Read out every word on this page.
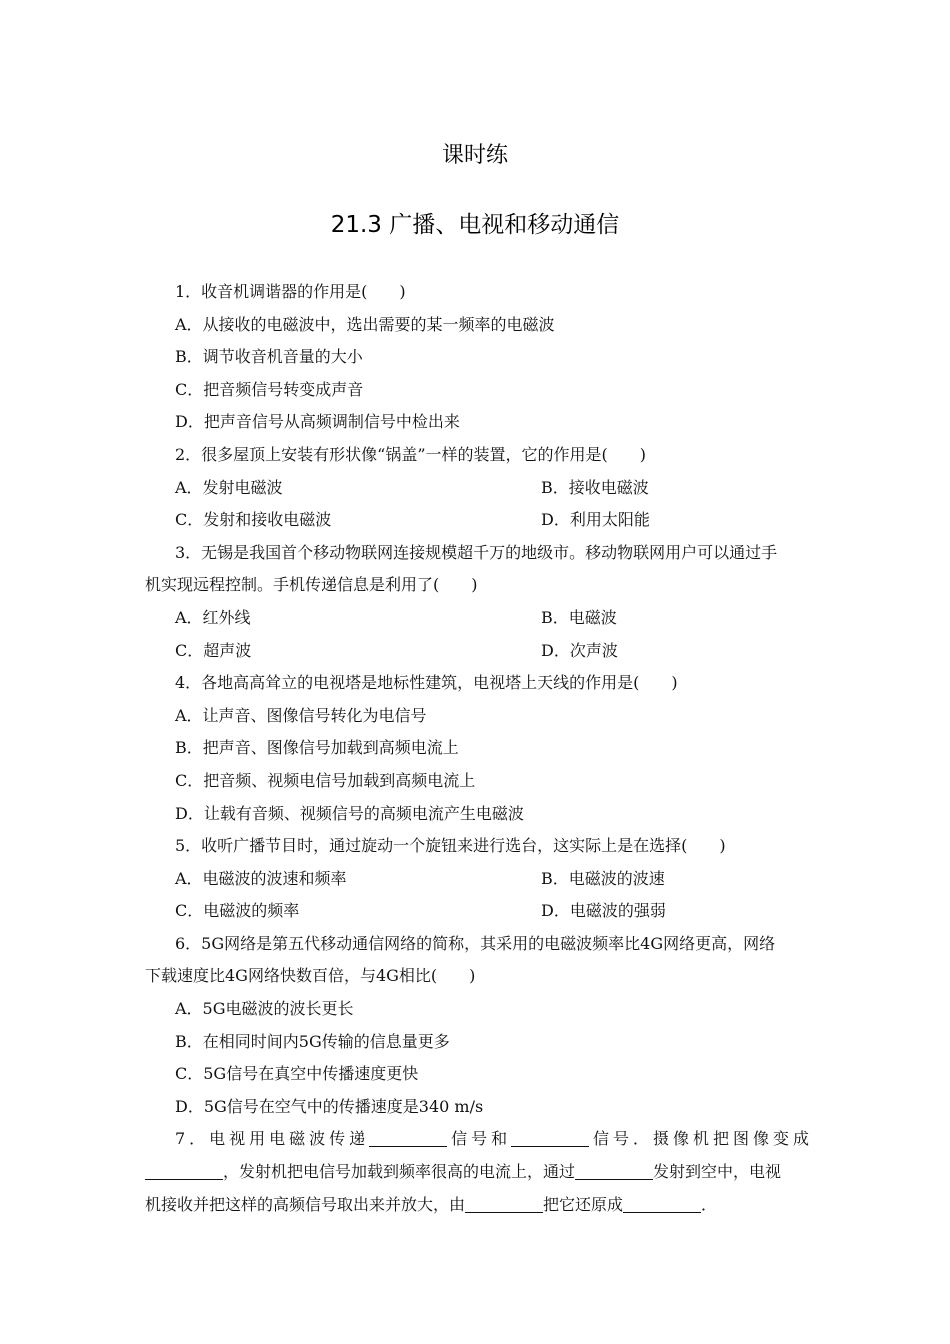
课时练
21.3 广播、电视和移动通信
1．收音机调谐器的作用是(　　)
A．从接收的电磁波中，选出需要的某一频率的电磁波
B．调节收音机音量的大小
C．把音频信号转变成声音
D．把声音信号从高频调制信号中检出来
2．很多屋顶上安装有形状像“锅盖”一样的装置，它的作用是(　　)
A．发射电磁波	B．接收电磁波
C．发射和接收电磁波	D．利用太阳能
3．无锡是我国首个移动物联网连接规模超千万的地级市。移动物联网用户可以通过手
机实现远程控制。手机传递信息是利用了(　　)
A．红外线	B．电磁波
C．超声波	D．次声波
4．各地高高耸立的电视塔是地标性建筑，电视塔上天线的作用是(　　)
A．让声音、图像信号转化为电信号
B．把声音、图像信号加载到高频电流上
C．把音频、视频电信号加载到高频电流上
D．让载有音频、视频信号的高频电流产生电磁波
5．收听广播节目时，通过旋动一个旋钮来进行选台，这实际上是在选择(　　)
A．电磁波的波速和频率	B．电磁波的波速
C．电磁波的频率	D．电磁波的强弱
6．5G网络是第五代移动通信网络的简称，其采用的电磁波频率比4G网络更高，网络
下载速度比4G网络快数百倍，与4G相比(　　)
A．5G电磁波的波长更长
B．在相同时间内5G传输的信息量更多
C．5G信号在真空中传播速度更快
D．5G信号在空气中的传播速度是340 m/s
7．电视用电磁波传递	信号和	信号．摄像机把图像变成
，发射机把电信号加载到频率很高的电流上，通过	发射到空中，电视
机接收并把这样的高频信号取出来并放大，由	把它还原成	．
